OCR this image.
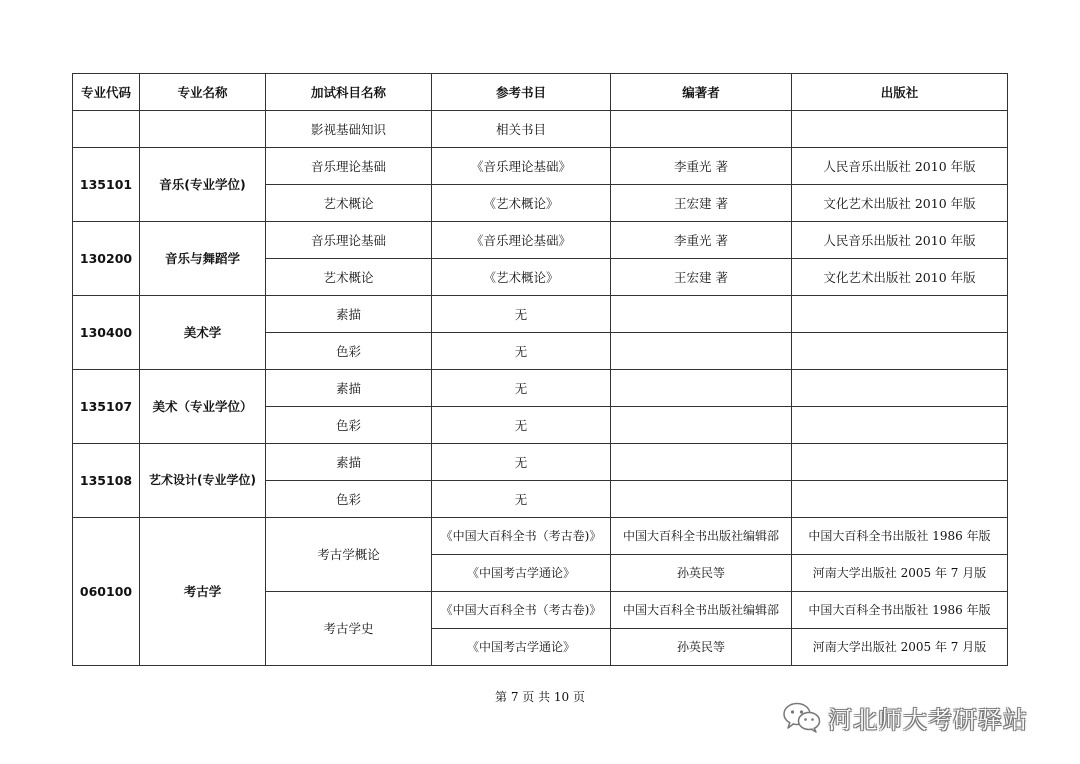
专业代码	专业名称	加试科目名称	参考书目	编著者	出版社
		影视基础知识	相关书目		
135101	音乐(专业学位)	音乐理论基础	《音乐理论基础》	李重光 著	人民音乐出版社 2010 年版
		艺术概论	《艺术概论》	王宏建 著	文化艺术出版社 2010 年版
130200	音乐与舞蹈学	音乐理论基础	《音乐理论基础》	李重光 著	人民音乐出版社 2010 年版
		艺术概论	《艺术概论》	王宏建 著	文化艺术出版社 2010 年版
130400	美术学	素描	无		
		色彩	无		
135107	美术（专业学位）	素描	无		
		色彩	无		
135108	艺术设计(专业学位)	素描	无		
		色彩	无		
060100	考古学	考古学概论	《中国大百科全书（考古卷)》	中国大百科全书出版社编辑部	中国大百科全书出版社 1986 年版
			《中国考古学通论》	孙英民等	河南大学出版社 2005 年 7 月版
		考古学史	《中国大百科全书（考古卷)》	中国大百科全书出版社编辑部	中国大百科全书出版社 1986 年版
			《中国考古学通论》	孙英民等	河南大学出版社 2005 年 7 月版
第 7 页 共 10 页
河北师大考研驿站
